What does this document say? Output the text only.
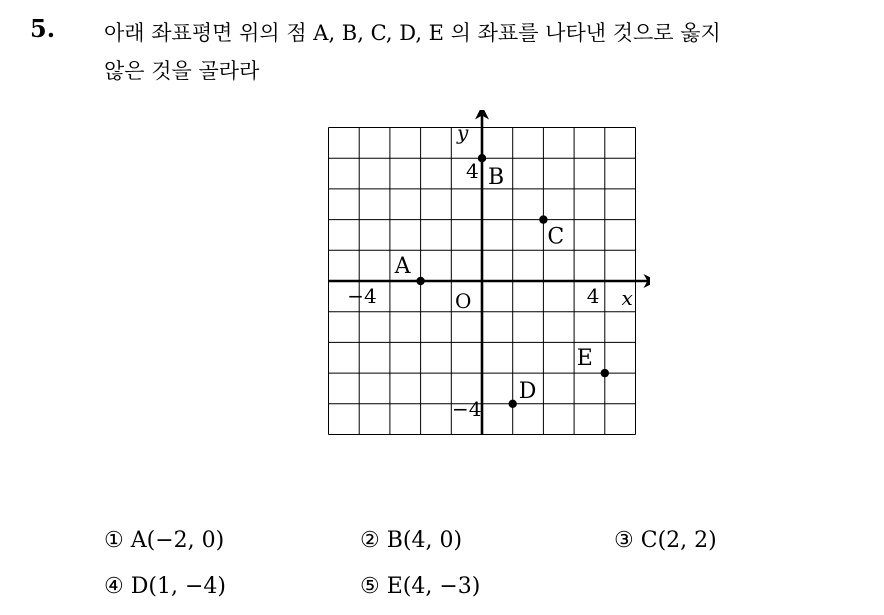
5. 아래 좌표평면 위의 점 A, B, C, D, E 의 좌표를 나타낸 것으로 옳지
않은 것을 골라라
x
y
O
−4	4
4
−4
A
B
C
D
E
① A(−2, 0)	② B(4, 0)	③ C(2, 2)
④ D(1, −4)	⑤ E(4, −3)
